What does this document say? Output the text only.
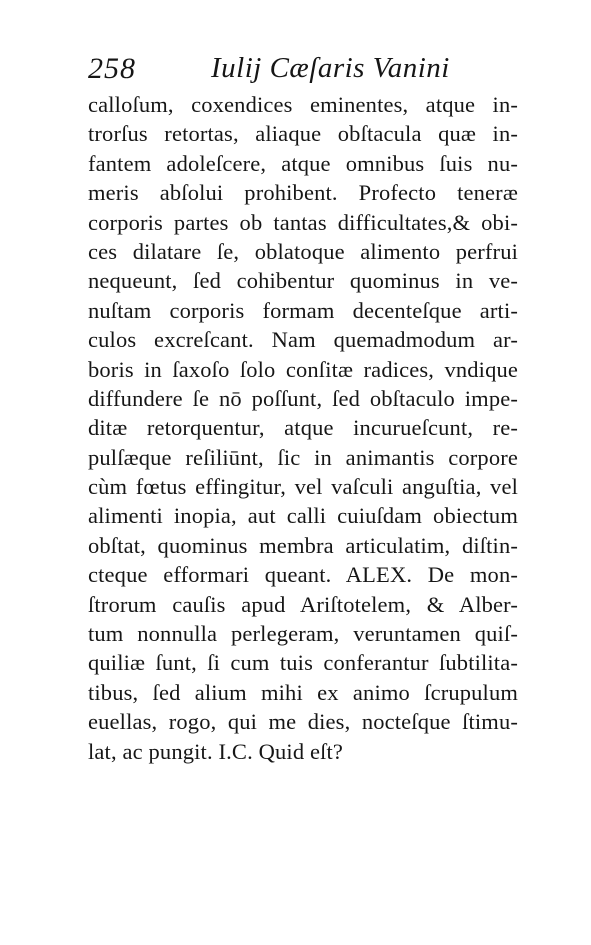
258	Iulij Cæſaris Vanini
calloſum, coxendices eminentes, atque in-
trorſus retortas, aliaque obſtacula quæ in-
fantem adoleſcere, atque omnibus ſuis nu-
meris abſolui prohibent. Profecto teneræ
corporis partes ob tantas difficultates,& obi-
ces dilatare ſe, oblatoque alimento perfrui
nequeunt, ſed cohibentur quominus in ve-
nuſtam corporis formam decenteſque arti-
culos excreſcant. Nam quemadmodum ar-
boris in ſaxoſo ſolo conſitæ radices, vndique
diffundere ſe nō poſſunt, ſed obſtaculo impe-
ditæ retorquentur, atque incurueſcunt, re-
pulſæque reſiliūnt, ſic in animantis corpore
cùm fœtus effingitur, vel vaſculi anguſtia, vel
alimenti inopia, aut calli cuiuſdam obiectum
obſtat, quominus membra articulatim, diſtin-
cteque efformari queant. ALEX. De mon-
ſtrorum cauſis apud Ariſtotelem, & Alber-
tum nonnulla perlegeram, veruntamen quiſ-
quiliæ ſunt, ſi cum tuis conferantur ſubtilita-
tibus, ſed alium mihi ex animo ſcrupulum
euellas, rogo, qui me dies, nocteſque ſtimu-
lat, ac pungit. I.C. Quid eſt?
